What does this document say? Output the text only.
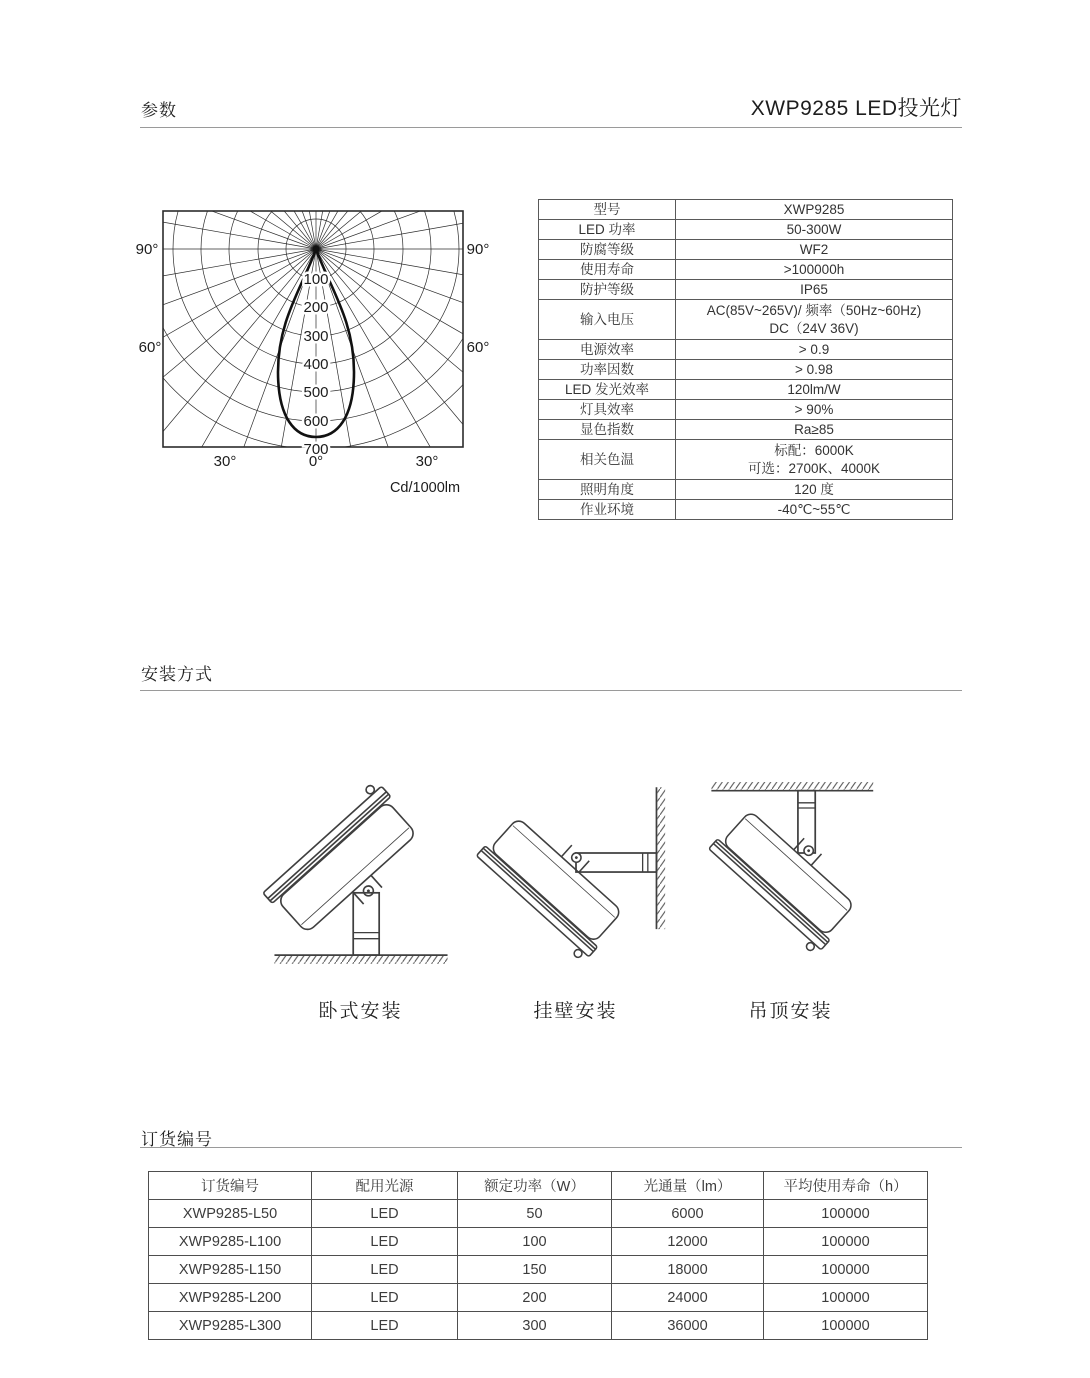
参数	XWP9285 LED投光灯
100
200
300
400
500
600
700
90°	90°
60°	60°
30°	0°	30°
Cd/1000lm
型号	XWP9285
LED 功率	50-300W
防腐等级	WF2
使用寿命	>100000h
防护等级	IP65
输入电压	AC(85V~265V)/ 频率（50Hz~60Hz)
DC（24V 36V)

电源效率	> 0.9
功率因数	> 0.98
LED 发光效率	120lm/W
灯具效率	> 90%
显色指数	Ra≥85
相关色温	标配：6000K
可选：2700K、4000K

照明角度	120 度
作业环境	-40℃~55℃
安装方式
卧式安装	挂壁安装	吊顶安装
订货编号
订货编号	配用光源	额定功率（W）	光通量（lm）	平均使用寿命（h）
XWP9285-L50	LED	50	6000	100000
XWP9285-L100	LED	100	12000	100000
XWP9285-L150	LED	150	18000	100000
XWP9285-L200	LED	200	24000	100000
XWP9285-L300	LED	300	36000	100000
